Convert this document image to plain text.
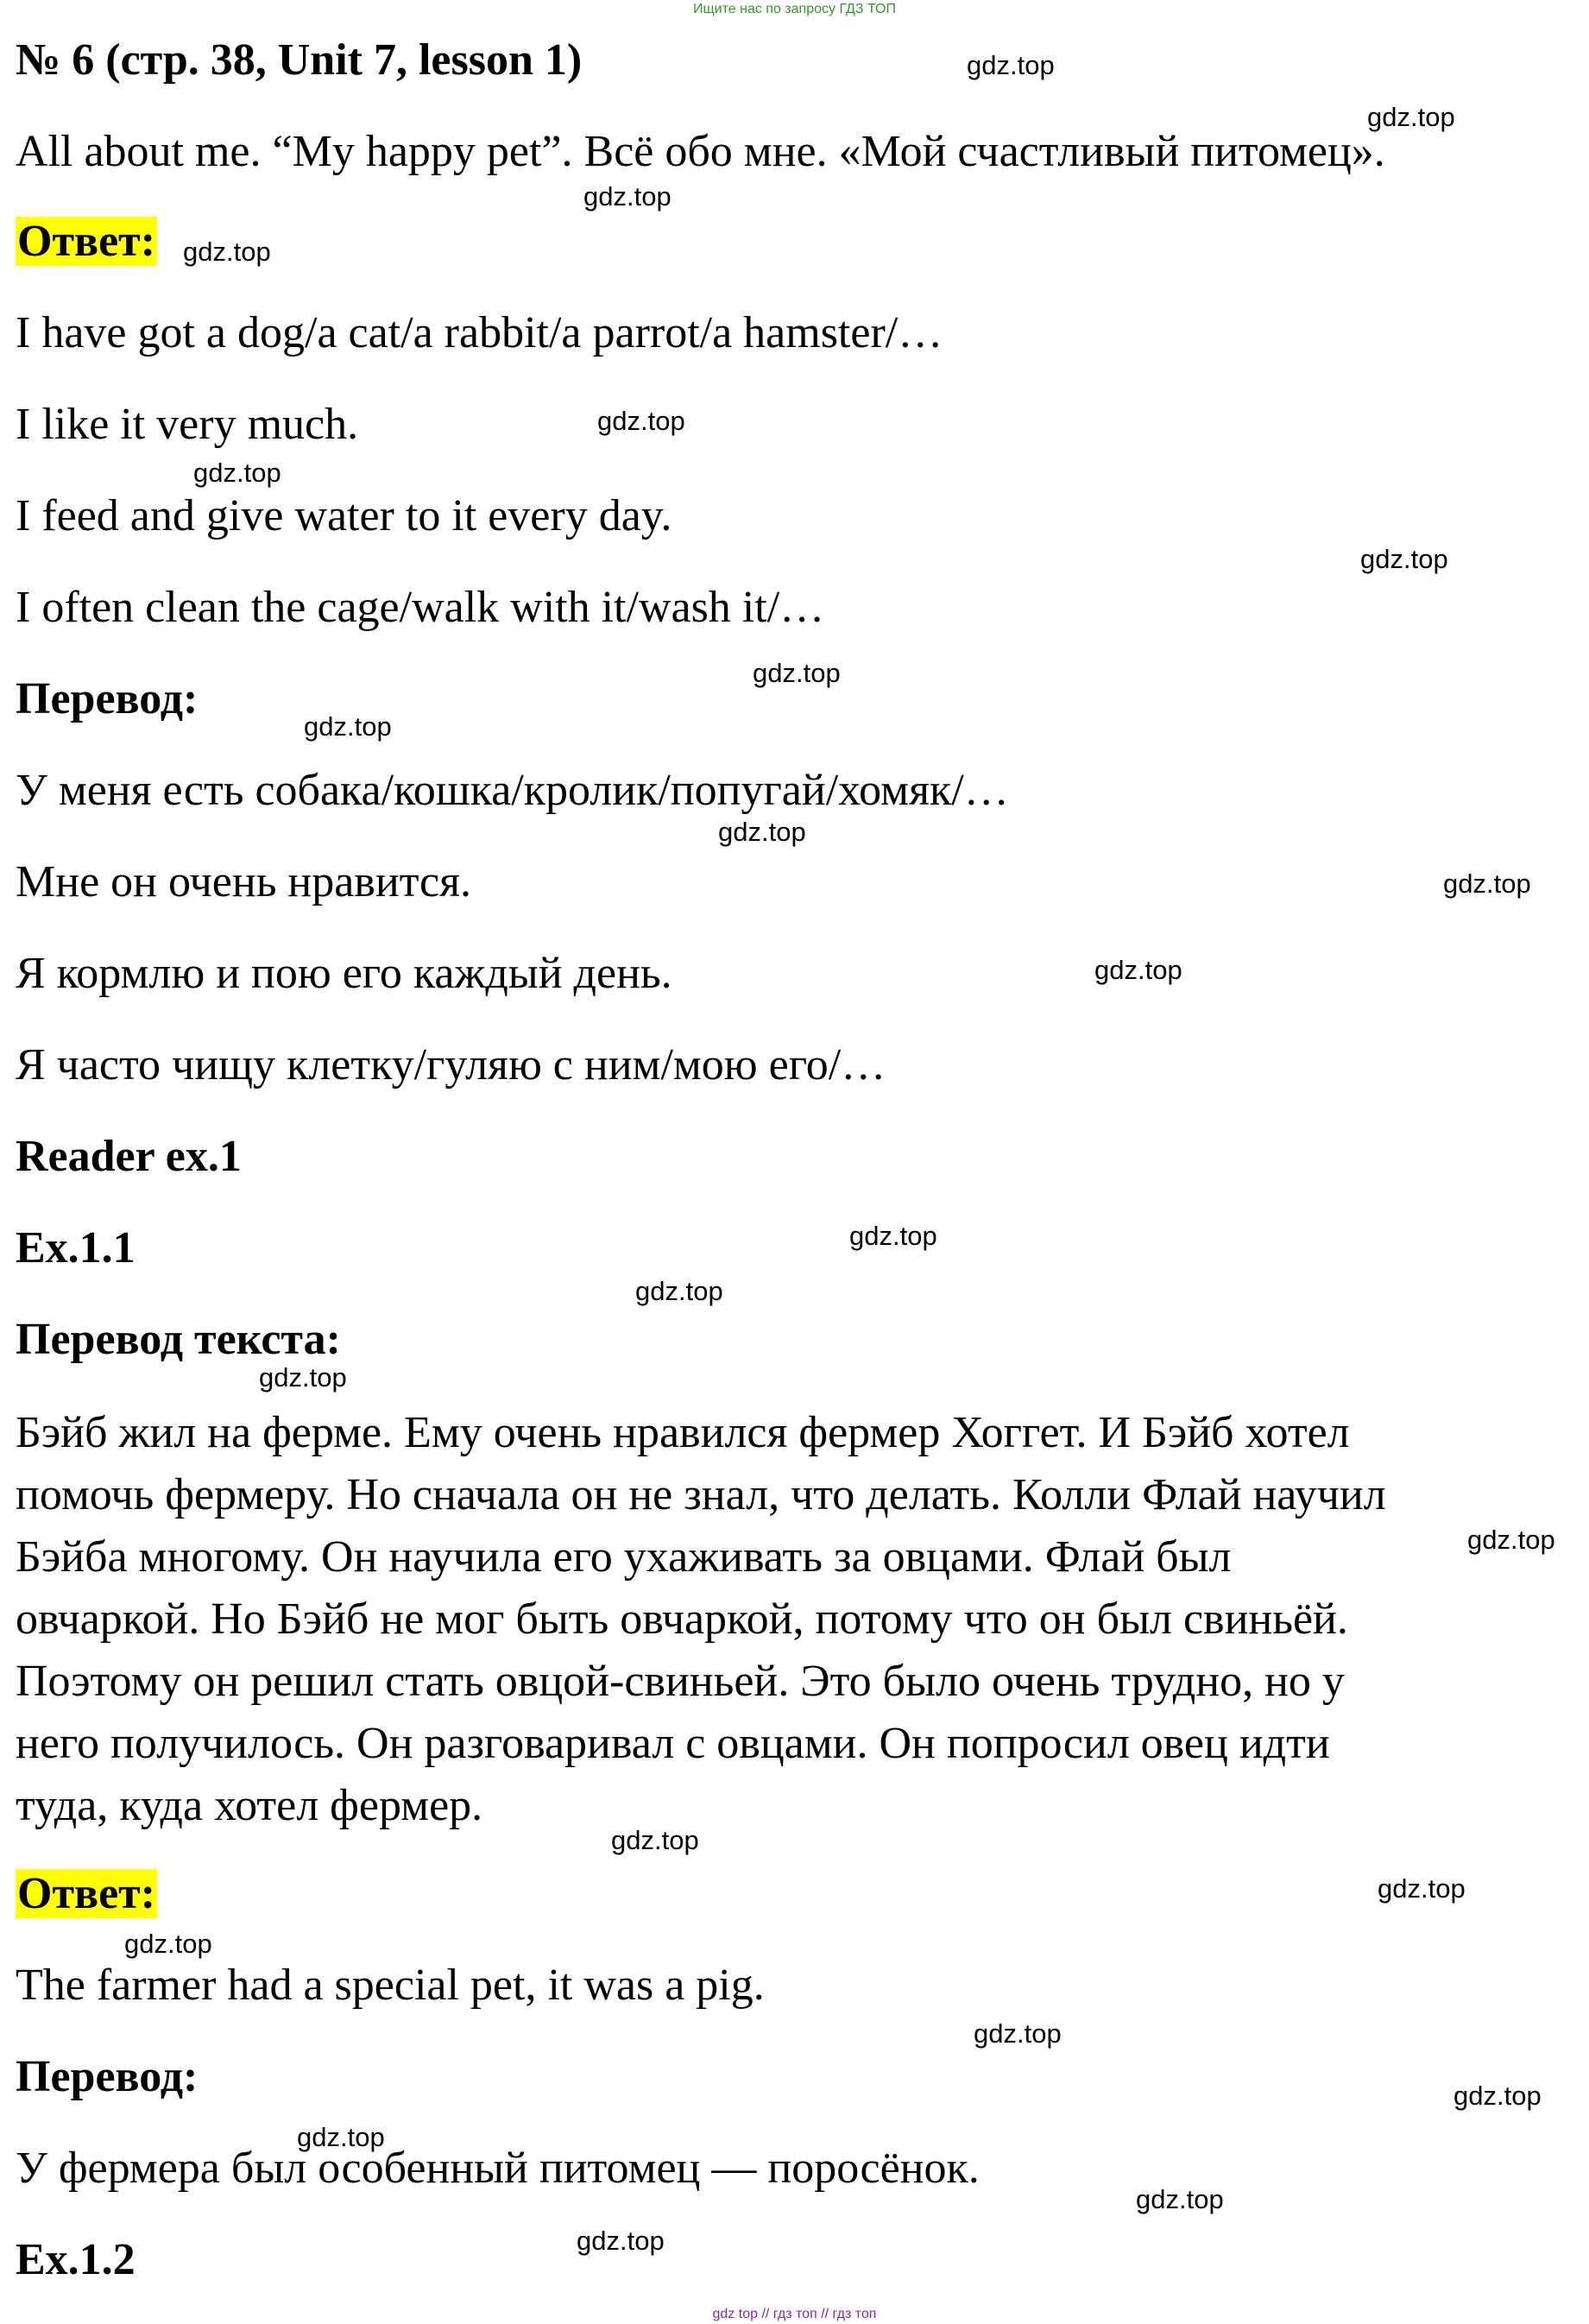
Ищите нас по запросу ГДЗ ТОП
№ 6 (стр. 38, Unit 7, lesson 1)
All about me. “My happy pet”. Всё обо мне. «Мой счастливый питомец».
Ответ:
I have got a dog/a cat/a rabbit/a parrot/a hamster/…
I like it very much.
I feed and give water to it every day.
I often clean the cage/walk with it/wash it/…
Перевод:
У меня есть собака/кошка/кролик/попугай/хомяк/…
Мне он очень нравится.
Я кормлю и пою его каждый день.
Я часто чищу клетку/гуляю с ним/мою его/…
Reader ex.1
Ex.1.1
Перевод текста:
Бэйб жил на ферме. Ему очень нравился фермер Хоггет. И Бэйб хотел
помочь фермеру. Но сначала он не знал, что делать. Колли Флай научил
Бэйба многому. Он научила его ухаживать за овцами. Флай был
овчаркой. Но Бэйб не мог быть овчаркой, потому что он был свиньёй.
Поэтому он решил стать овцой-свиньей. Это было очень трудно, но у
него получилось. Он разговаривал с овцами. Он попросил овец идти
туда, куда хотел фермер.
Ответ:
The farmer had a special pet, it was a pig.
Перевод:
У фермера был особенный питомец — поросёнок.
Ex.1.2
gdz.top
gdz.top
gdz.top
gdz.top
gdz.top
gdz.top
gdz.top
gdz.top
gdz.top
gdz.top
gdz.top
gdz.top
gdz.top
gdz.top
gdz.top
gdz.top
gdz.top
gdz.top
gdz.top
gdz.top
gdz.top
gdz.top
gdz.top
gdz.top
gdz top // гдз топ // гдз топ
